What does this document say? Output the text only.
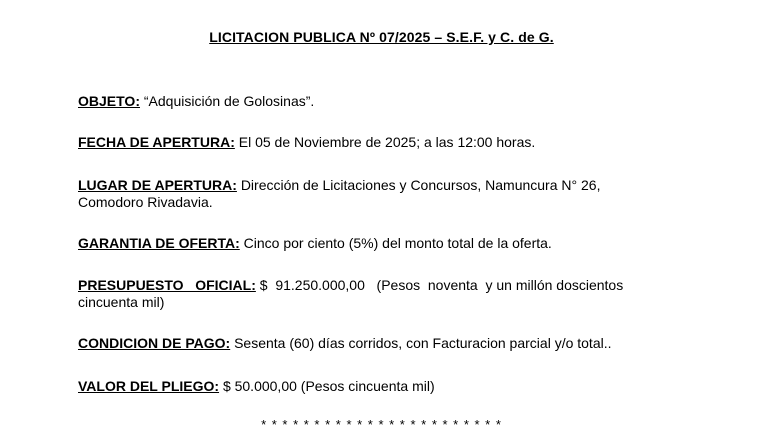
LICITACION PUBLICA Nº 07/2025 – S.E.F. y C. de G.
OBJETO: “Adquisición de Golosinas”.
FECHA DE APERTURA: El 05 de Noviembre de 2025; a las 12:00 horas.
LUGAR DE APERTURA: Dirección de Licitaciones y Concursos, Namuncura N° 26, Comodoro Rivadavia.
GARANTIA DE OFERTA: Cinco por ciento (5%) del monto total de la oferta.
PRESUPUESTO   OFICIAL: $  91.250.000,00   (Pesos  noventa  y un millón doscientos cincuenta mil)
CONDICION DE PAGO: Sesenta (60) días corridos, con Facturacion parcial y/o total..
VALOR DEL PLIEGO: $ 50.000,00 (Pesos cincuenta mil)
* * * * * * * * * * * * * * * * * * * * * * *
